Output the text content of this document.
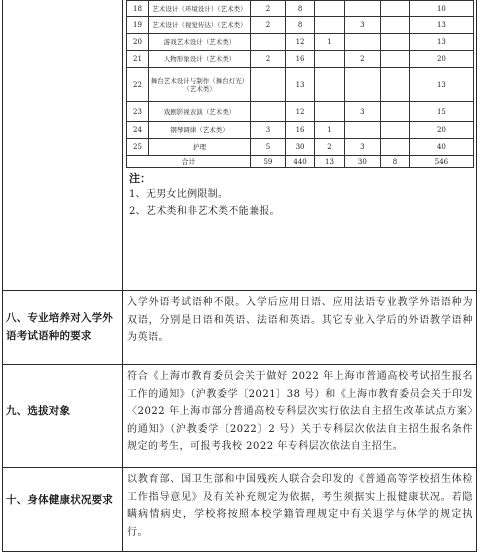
18	艺术设计（环境设计）（艺术类）	2	8				10
19	艺术设计（视觉传达）（艺术类）	2	8		3		13
20	游戏艺术设计（艺术类）		12	1			13
21	人物形象设计（艺术类）	2	16		2		20
22	舞台艺术设计与制作（舞台灯光）（艺术类）		13				13
23	戏剧影视表演（艺术类）		12		3		15
24	钢琴调律（艺术类）	3	16	1			20
25	护理	5	30	2	3		40
合计		59	440	13	30	8	546
注：
1、无男女比例限制。
2、艺术类和非艺术类不能兼报。
八、专业培养对入学外语考试语种的要求
入学外语考试语种不限。入学后应用日语、应用法语专业教学外语语种为双语，分别是日语和英语、法语和英语。其它专业入学后的外语教学语种为英语。
九、选拔对象
符合《上海市教育委员会关于做好 2022 年上海市普通高校考试招生报名工作的通知》（沪教委学〔2021〕38 号）和《上海市教育委员会关于印发〈2022 年上海市部分普通高校专科层次实行依法自主招生改革试点方案〉的通知》（沪教委学〔2022〕2 号）关于专科层次依法自主招生报名条件规定的考生，可报考我校 2022 年专科层次依法自主招生。
十、身体健康状况要求
以教育部、国卫生部和中国残疾人联合会印发的《普通高等学校招生体检工作指导意见》及有关补充规定为依据，考生须据实上报健康状况。若隐瞒病情病史，学校将按照本校学籍管理规定中有关退学与休学的规定执行。
